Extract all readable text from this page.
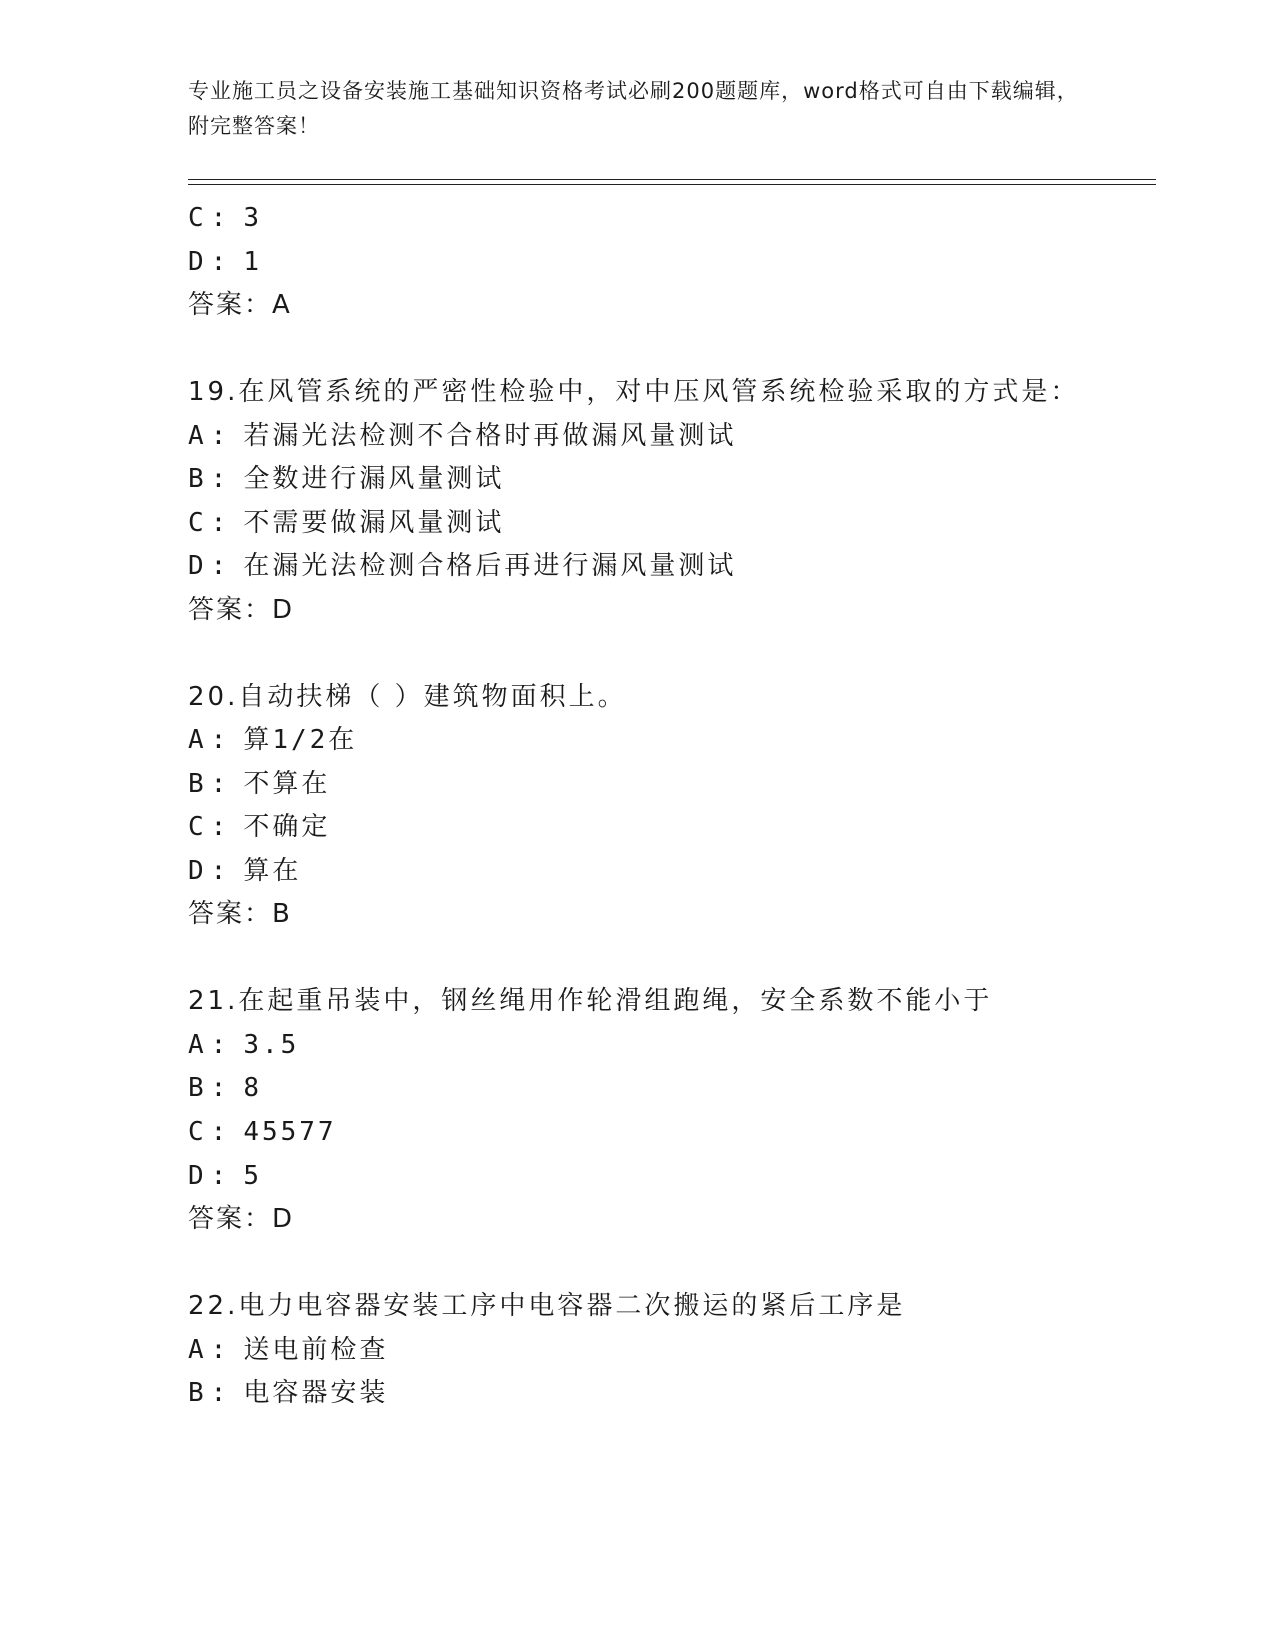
专业施工员之设备安装施工基础知识资格考试必刷200题题库，word格式可自由下载编辑，附完整答案！
C : 3
D : 1
答案：A
19.在风管系统的严密性检验中，对中压风管系统检验采取的方式是：
A : 若漏光法检测不合格时再做漏风量测试
B : 全数进行漏风量测试
C : 不需要做漏风量测试
D : 在漏光法检测合格后再进行漏风量测试
答案：D
20.自动扶梯（ ）建筑物面积上。
A : 算1/2在
B : 不算在
C : 不确定
D : 算在
答案：B
21.在起重吊装中，钢丝绳用作轮滑组跑绳，安全系数不能小于
A : 3.5
B : 8
C : 45577
D : 5
答案：D
22.电力电容器安装工序中电容器二次搬运的紧后工序是
A : 送电前检查
B : 电容器安装
